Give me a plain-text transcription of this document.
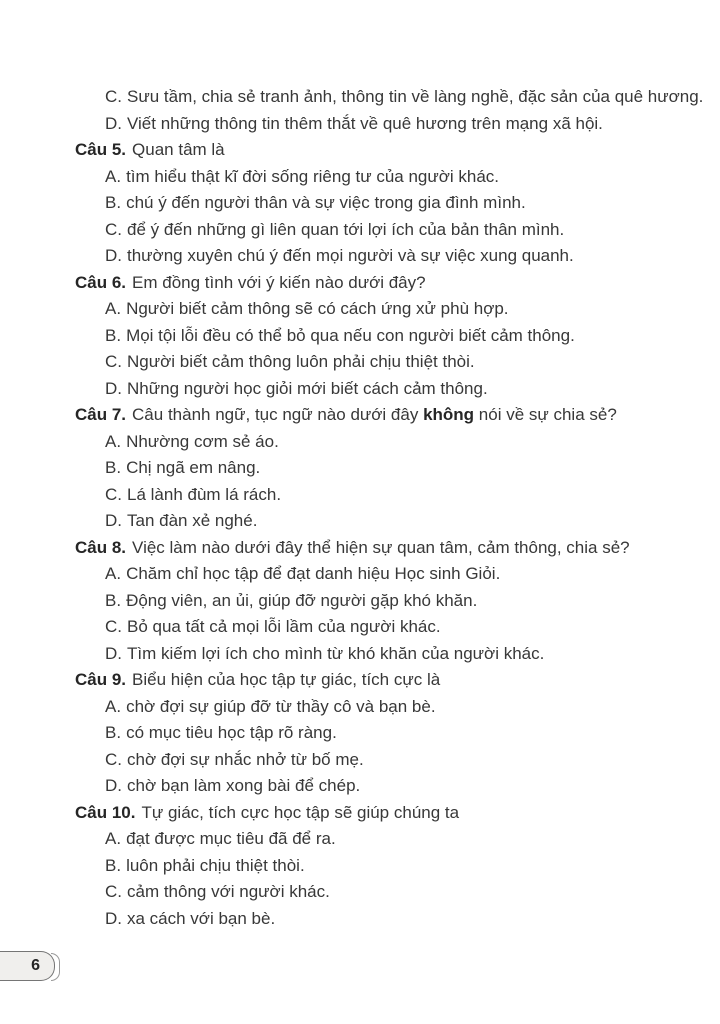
C. Sưu tầm, chia sẻ tranh ảnh, thông tin về làng nghề, đặc sản của quê hương.
D. Viết những thông tin thêm thắt về quê hương trên mạng xã hội.
Câu 5. Quan tâm là
A. tìm hiểu thật kĩ đời sống riêng tư của người khác.
B. chú ý đến người thân và sự việc trong gia đình mình.
C. để ý đến những gì liên quan tới lợi ích của bản thân mình.
D. thường xuyên chú ý đến mọi người và sự việc xung quanh.
Câu 6. Em đồng tình với ý kiến nào dưới đây?
A. Người biết cảm thông sẽ có cách ứng xử phù hợp.
B. Mọi tội lỗi đều có thể bỏ qua nếu con người biết cảm thông.
C. Người biết cảm thông luôn phải chịu thiệt thòi.
D. Những người học giỏi mới biết cách cảm thông.
Câu 7. Câu thành ngữ, tục ngữ nào dưới đây không nói về sự chia sẻ?
A. Nhường cơm sẻ áo.
B. Chị ngã em nâng.
C. Lá lành đùm lá rách.
D. Tan đàn xẻ nghé.
Câu 8. Việc làm nào dưới đây thể hiện sự quan tâm, cảm thông, chia sẻ?
A. Chăm chỉ học tập để đạt danh hiệu Học sinh Giỏi.
B. Động viên, an ủi, giúp đỡ người gặp khó khăn.
C. Bỏ qua tất cả mọi lỗi lầm của người khác.
D. Tìm kiếm lợi ích cho mình từ khó khăn của người khác.
Câu 9. Biểu hiện của học tập tự giác, tích cực là
A. chờ đợi sự giúp đỡ từ thầy cô và bạn bè.
B. có mục tiêu học tập rõ ràng.
C. chờ đợi sự nhắc nhở từ bố mẹ.
D. chờ bạn làm xong bài để chép.
Câu 10. Tự giác, tích cực học tập sẽ giúp chúng ta
A. đạt được mục tiêu đã để ra.
B. luôn phải chịu thiệt thòi.
C. cảm thông với người khác.
D. xa cách với bạn bè.
6
